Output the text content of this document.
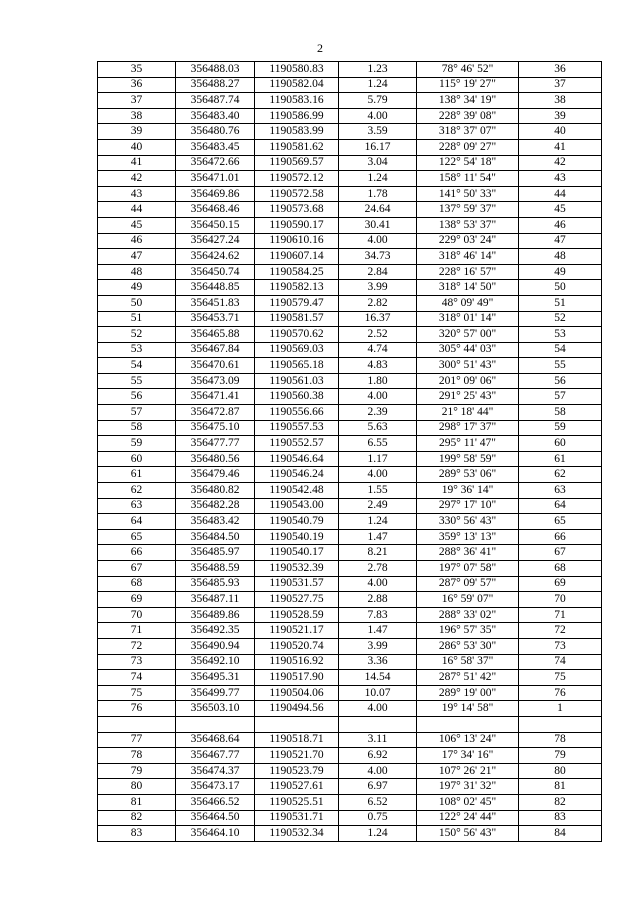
2
35	356488.03	1190580.83	1.23	78° 46' 52"	36
36	356488.27	1190582.04	1.24	115° 19' 27"	37
37	356487.74	1190583.16	5.79	138° 34' 19"	38
38	356483.40	1190586.99	4.00	228° 39' 08"	39
39	356480.76	1190583.99	3.59	318° 37' 07"	40
40	356483.45	1190581.62	16.17	228° 09' 27"	41
41	356472.66	1190569.57	3.04	122° 54' 18"	42
42	356471.01	1190572.12	1.24	158° 11' 54"	43
43	356469.86	1190572.58	1.78	141° 50' 33"	44
44	356468.46	1190573.68	24.64	137° 59' 37"	45
45	356450.15	1190590.17	30.41	138° 53' 37"	46
46	356427.24	1190610.16	4.00	229° 03' 24"	47
47	356424.62	1190607.14	34.73	318° 46' 14"	48
48	356450.74	1190584.25	2.84	228° 16' 57"	49
49	356448.85	1190582.13	3.99	318° 14' 50"	50
50	356451.83	1190579.47	2.82	48° 09' 49"	51
51	356453.71	1190581.57	16.37	318° 01' 14"	52
52	356465.88	1190570.62	2.52	320° 57' 00"	53
53	356467.84	1190569.03	4.74	305° 44' 03"	54
54	356470.61	1190565.18	4.83	300° 51' 43"	55
55	356473.09	1190561.03	1.80	201° 09' 06"	56
56	356471.41	1190560.38	4.00	291° 25' 43"	57
57	356472.87	1190556.66	2.39	21° 18' 44"	58
58	356475.10	1190557.53	5.63	298° 17' 37"	59
59	356477.77	1190552.57	6.55	295° 11' 47"	60
60	356480.56	1190546.64	1.17	199° 58' 59"	61
61	356479.46	1190546.24	4.00	289° 53' 06"	62
62	356480.82	1190542.48	1.55	19° 36' 14"	63
63	356482.28	1190543.00	2.49	297° 17' 10"	64
64	356483.42	1190540.79	1.24	330° 56' 43"	65
65	356484.50	1190540.19	1.47	359° 13' 13"	66
66	356485.97	1190540.17	8.21	288° 36' 41"	67
67	356488.59	1190532.39	2.78	197° 07' 58"	68
68	356485.93	1190531.57	4.00	287° 09' 57"	69
69	356487.11	1190527.75	2.88	16° 59' 07"	70
70	356489.86	1190528.59	7.83	288° 33' 02"	71
71	356492.35	1190521.17	1.47	196° 57' 35"	72
72	356490.94	1190520.74	3.99	286° 53' 30"	73
73	356492.10	1190516.92	3.36	16° 58' 37"	74
74	356495.31	1190517.90	14.54	287° 51' 42"	75
75	356499.77	1190504.06	10.07	289° 19' 00"	76
76	356503.10	1190494.56	4.00	19° 14' 58"	1

77	356468.64	1190518.71	3.11	106° 13' 24"	78
78	356467.77	1190521.70	6.92	17° 34' 16"	79
79	356474.37	1190523.79	4.00	107° 26' 21"	80
80	356473.17	1190527.61	6.97	197° 31' 32"	81
81	356466.52	1190525.51	6.52	108° 02' 45"	82
82	356464.50	1190531.71	0.75	122° 24' 44"	83
83	356464.10	1190532.34	1.24	150° 56' 43"	84
